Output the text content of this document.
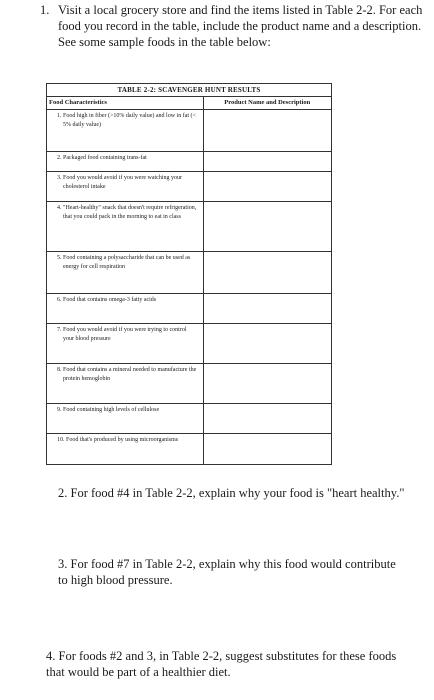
1. Visit a local grocery store and find the items listed in Table 2-2. For each food you record in the table, include the product name and a description. See some sample foods in the table below:

TABLE 2-2: SCAVENGER HUNT RESULTS
Food Characteristics	Product Name and Description

1. Food high in fiber (>10% daily value) and low in fat (< 5% daily value)	

2. Packaged food containing trans-fat	

3. Food you would avoid if you were watching your cholesterol intake	

4. "Heart-healthy" snack that doesn't require refrigeration, that you could pack in the morning to eat in class	

5. Food containing a polysaccharide that can be used as energy for cell respiration	

6. Food that contains omega-3 fatty acids	

7. Food you would avoid if you were trying to control your blood pressure	

8. Food that contains a mineral needed to manufacture the protein hemoglobin	

9. Food containing high levels of cellulose	

10. Food that's produced by using microorganisms	

2. For food #4 in Table 2-2, explain why your food is "heart healthy."

3. For food #7 in Table 2-2, explain why this food would contribute to high blood pressure.

4. For foods #2 and 3, in Table 2-2, suggest substitutes for these foods that would be part of a healthier diet.
